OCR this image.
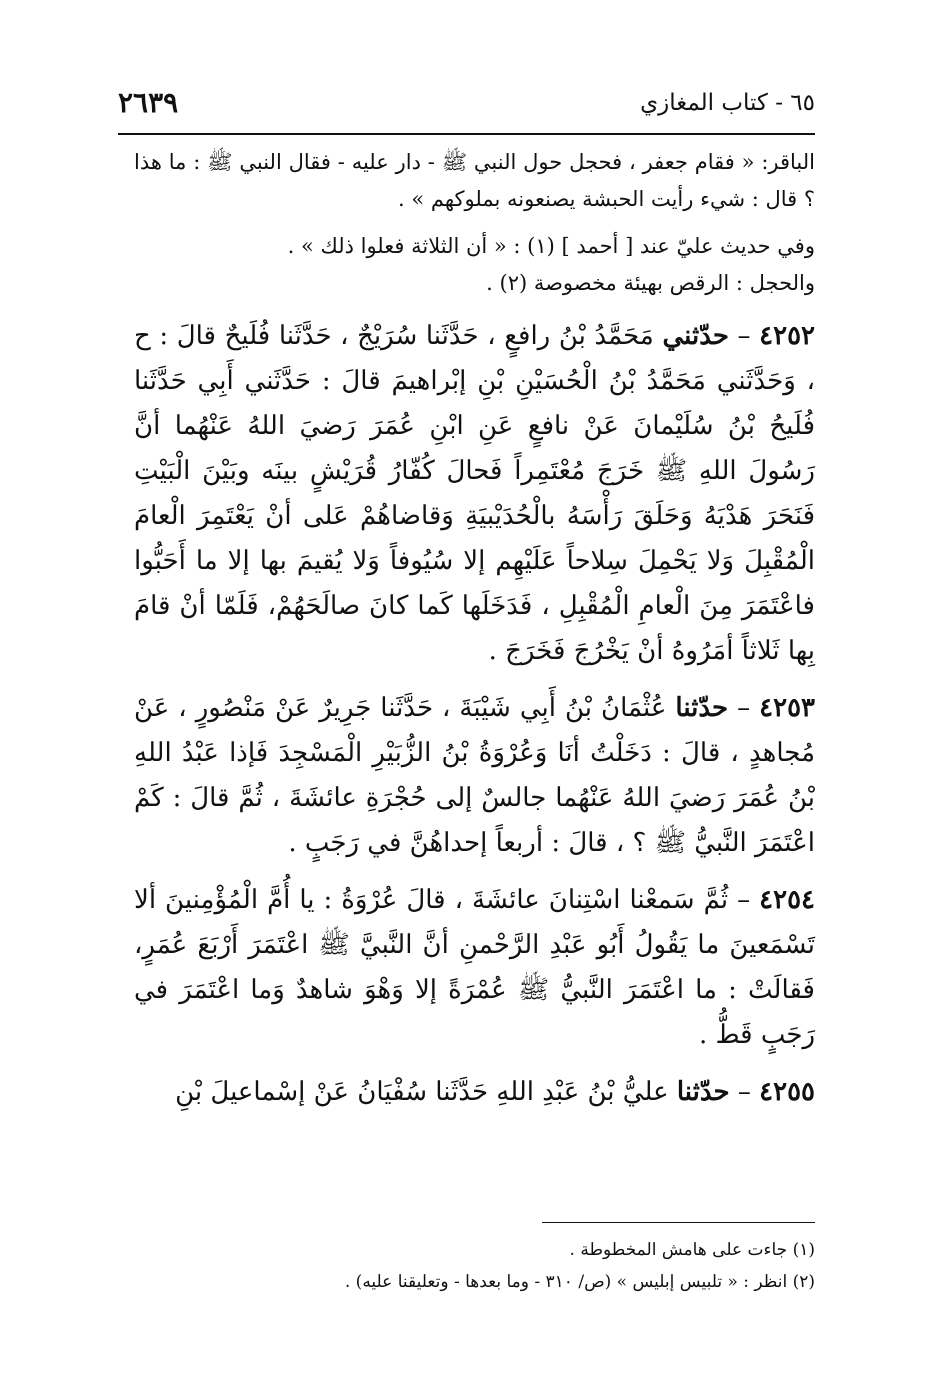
٦٥ - كتاب المغازي
٢٦٣٩

الباقر: « فقام جعفر ، فحجل حول النبي ﷺ - دار عليه - فقال النبي ﷺ : ما هذا ؟ قال : شيء رأيت الحبشة يصنعونه بملوكهم » .

وفي حديث عليّ عند [ أحمد ] (١) : « أن الثلاثة فعلوا ذلك » .

والحجل : الرقص بهيئة مخصوصة (٢) .

٤٢٥٢ – حدّثني مَحَمَّدُ بْنُ رافعٍ ، حَدَّثَنا سُرَيْجٌ ، حَدَّثَنا فُلَيحٌ قالَ : ح ، وَحَدَّثَني مَحَمَّدُ بْنُ الْحُسَيْنِ بْنِ إبْراهيمَ قالَ : حَدَّثَني أَبِي حَدَّثَنا فُلَيحُ بْنُ سُلَيْمانَ عَنْ نافعٍ عَنِ ابْنِ عُمَرَ رَضيَ اللهُ عَنْهُما أنَّ رَسُولَ اللهِ ﷺ خَرَجَ مُعْتَمِراً فَحالَ كُفّارُ قُرَيْشٍ بينَه وبَيْنَ الْبَيْتِ فَنَحَرَ هَدْيَهُ وَحَلَقَ رَأْسَهُ بالْحُدَيْبيَةِ وَقاضاهُمْ عَلى أنْ يَعْتَمِرَ الْعامَ الْمُقْبِلَ وَلا يَحْمِلَ سِلاحاً عَلَيْهِم إلا سُيُوفاً وَلا يُقيمَ بها إلا ما أَحَبُّوا فاعْتَمَرَ مِنَ الْعامِ الْمُقْبِلِ ، فَدَخَلَها كَما كانَ صالَحَهُمْ، فَلَمّا أنْ قامَ بِها ثَلاثاً أمَرُوهُ أنْ يَخْرُجَ فَخَرَجَ .

٤٢٥٣ – حدّثنا عُثْمَانُ بْنُ أَبِي شَيْبَةَ ، حَدَّثَنا جَرِيرٌ عَنْ مَنْصُورٍ ، عَنْ مُجاهدٍ ، قالَ : دَخَلْتُ أنَا وَعُرْوَةُ بْنُ الزُّبَيْرِ الْمَسْجِدَ فَإذا عَبْدُ اللهِ بْنُ عُمَرَ رَضيَ اللهُ عَنْهُما جالسٌ إلى حُجْرَةِ عائشَةَ ، ثُمَّ قالَ : كَمْ اعْتَمَرَ النَّبيُّ ﷺ ؟ ، قالَ : أربعاً إحداهُنَّ في رَجَبٍ .

٤٢٥٤ – ثُمَّ سَمعْنا اسْتِنانَ عائشَةَ ، قالَ عُرْوَةُ : يا أُمَّ الْمُؤْمِنينَ ألا تَسْمَعينَ ما يَقُولُ أَبُو عَبْدِ الرَّحْمنِ أنَّ النَّبيَّ ﷺ اعْتَمَرَ أَرْبَعَ عُمَرٍ، فَقالَتْ : ما اعْتَمَرَ النَّبيُّ ﷺ عُمْرَةً إلا وَهْوَ شاهدٌ وَما اعْتَمَرَ في رَجَبٍ قَطُّ .

٤٢٥٥ – حدّثنا عليُّ بْنُ عَبْدِ اللهِ حَدَّثَنا سُفْيَانُ عَنْ إسْماعيلَ بْنِ

(١) جاءت على هامش المخطوطة .

(٢) انظر : « تلبيس إبليس » (ص/ ٣١٠ - وما بعدها - وتعليقنا عليه) .
